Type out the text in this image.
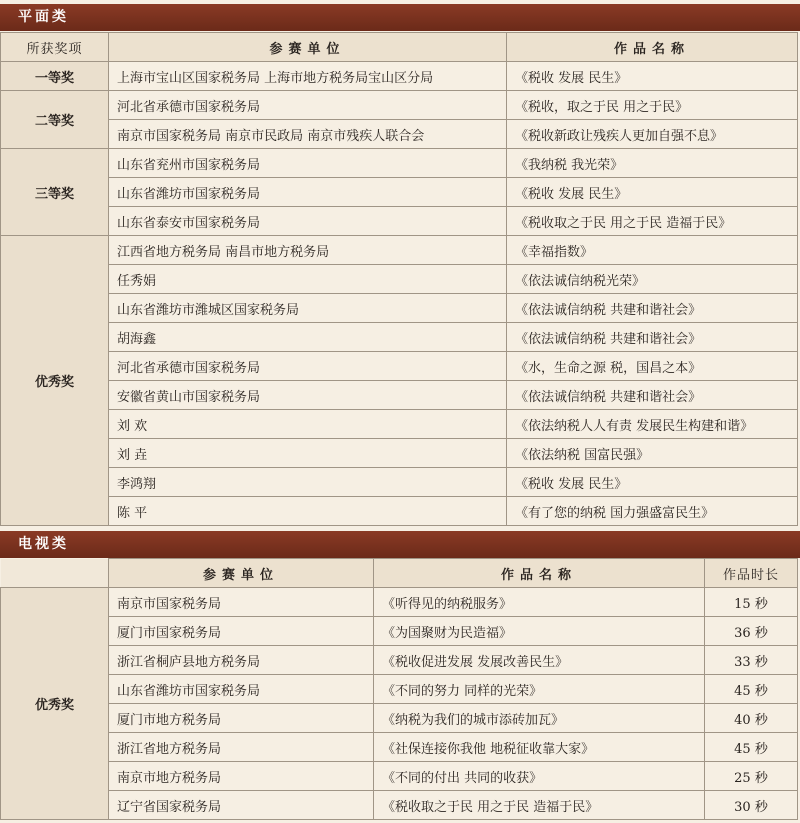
平面类
所获奖项	参赛单位	作品名称
一等奖	上海市宝山区国家税务局 上海市地方税务局宝山区分局	《税收 发展 民生》
二等奖	河北省承德市国家税务局	《税收，取之于民 用之于民》
	南京市国家税务局 南京市民政局 南京市残疾人联合会	《税收新政让残疾人更加自强不息》
三等奖	山东省兖州市国家税务局	《我纳税 我光荣》
	山东省潍坊市国家税务局	《税收 发展 民生》
	山东省泰安市国家税务局	《税收取之于民 用之于民 造福于民》
优秀奖	江西省地方税务局 南昌市地方税务局	《幸福指数》
	任秀娟	《依法诚信纳税光荣》
	山东省潍坊市潍城区国家税务局	《依法诚信纳税 共建和谐社会》
	胡海鑫	《依法诚信纳税 共建和谐社会》
	河北省承德市国家税务局	《水，生命之源 税，国昌之本》
	安徽省黄山市国家税务局	《依法诚信纳税 共建和谐社会》
	刘 欢	《依法纳税人人有责 发展民生构建和谐》
	刘 垚	《依法纳税 国富民强》
	李鸿翔	《税收 发展 民生》
	陈 平	《有了您的纳税 国力强盛富民生》
电视类
	参赛单位	作品名称	作品时长
优秀奖	南京市国家税务局	《听得见的纳税服务》	15 秒
	厦门市国家税务局	《为国聚财为民造福》	36 秒
	浙江省桐庐县地方税务局	《税收促进发展 发展改善民生》	33 秒
	山东省潍坊市国家税务局	《不同的努力 同样的光荣》	45 秒
	厦门市地方税务局	《纳税为我们的城市添砖加瓦》	40 秒
	浙江省地方税务局	《社保连接你我他 地税征收靠大家》	45 秒
	南京市地方税务局	《不同的付出 共同的收获》	25 秒
	辽宁省国家税务局	《税收取之于民 用之于民 造福于民》	30 秒
